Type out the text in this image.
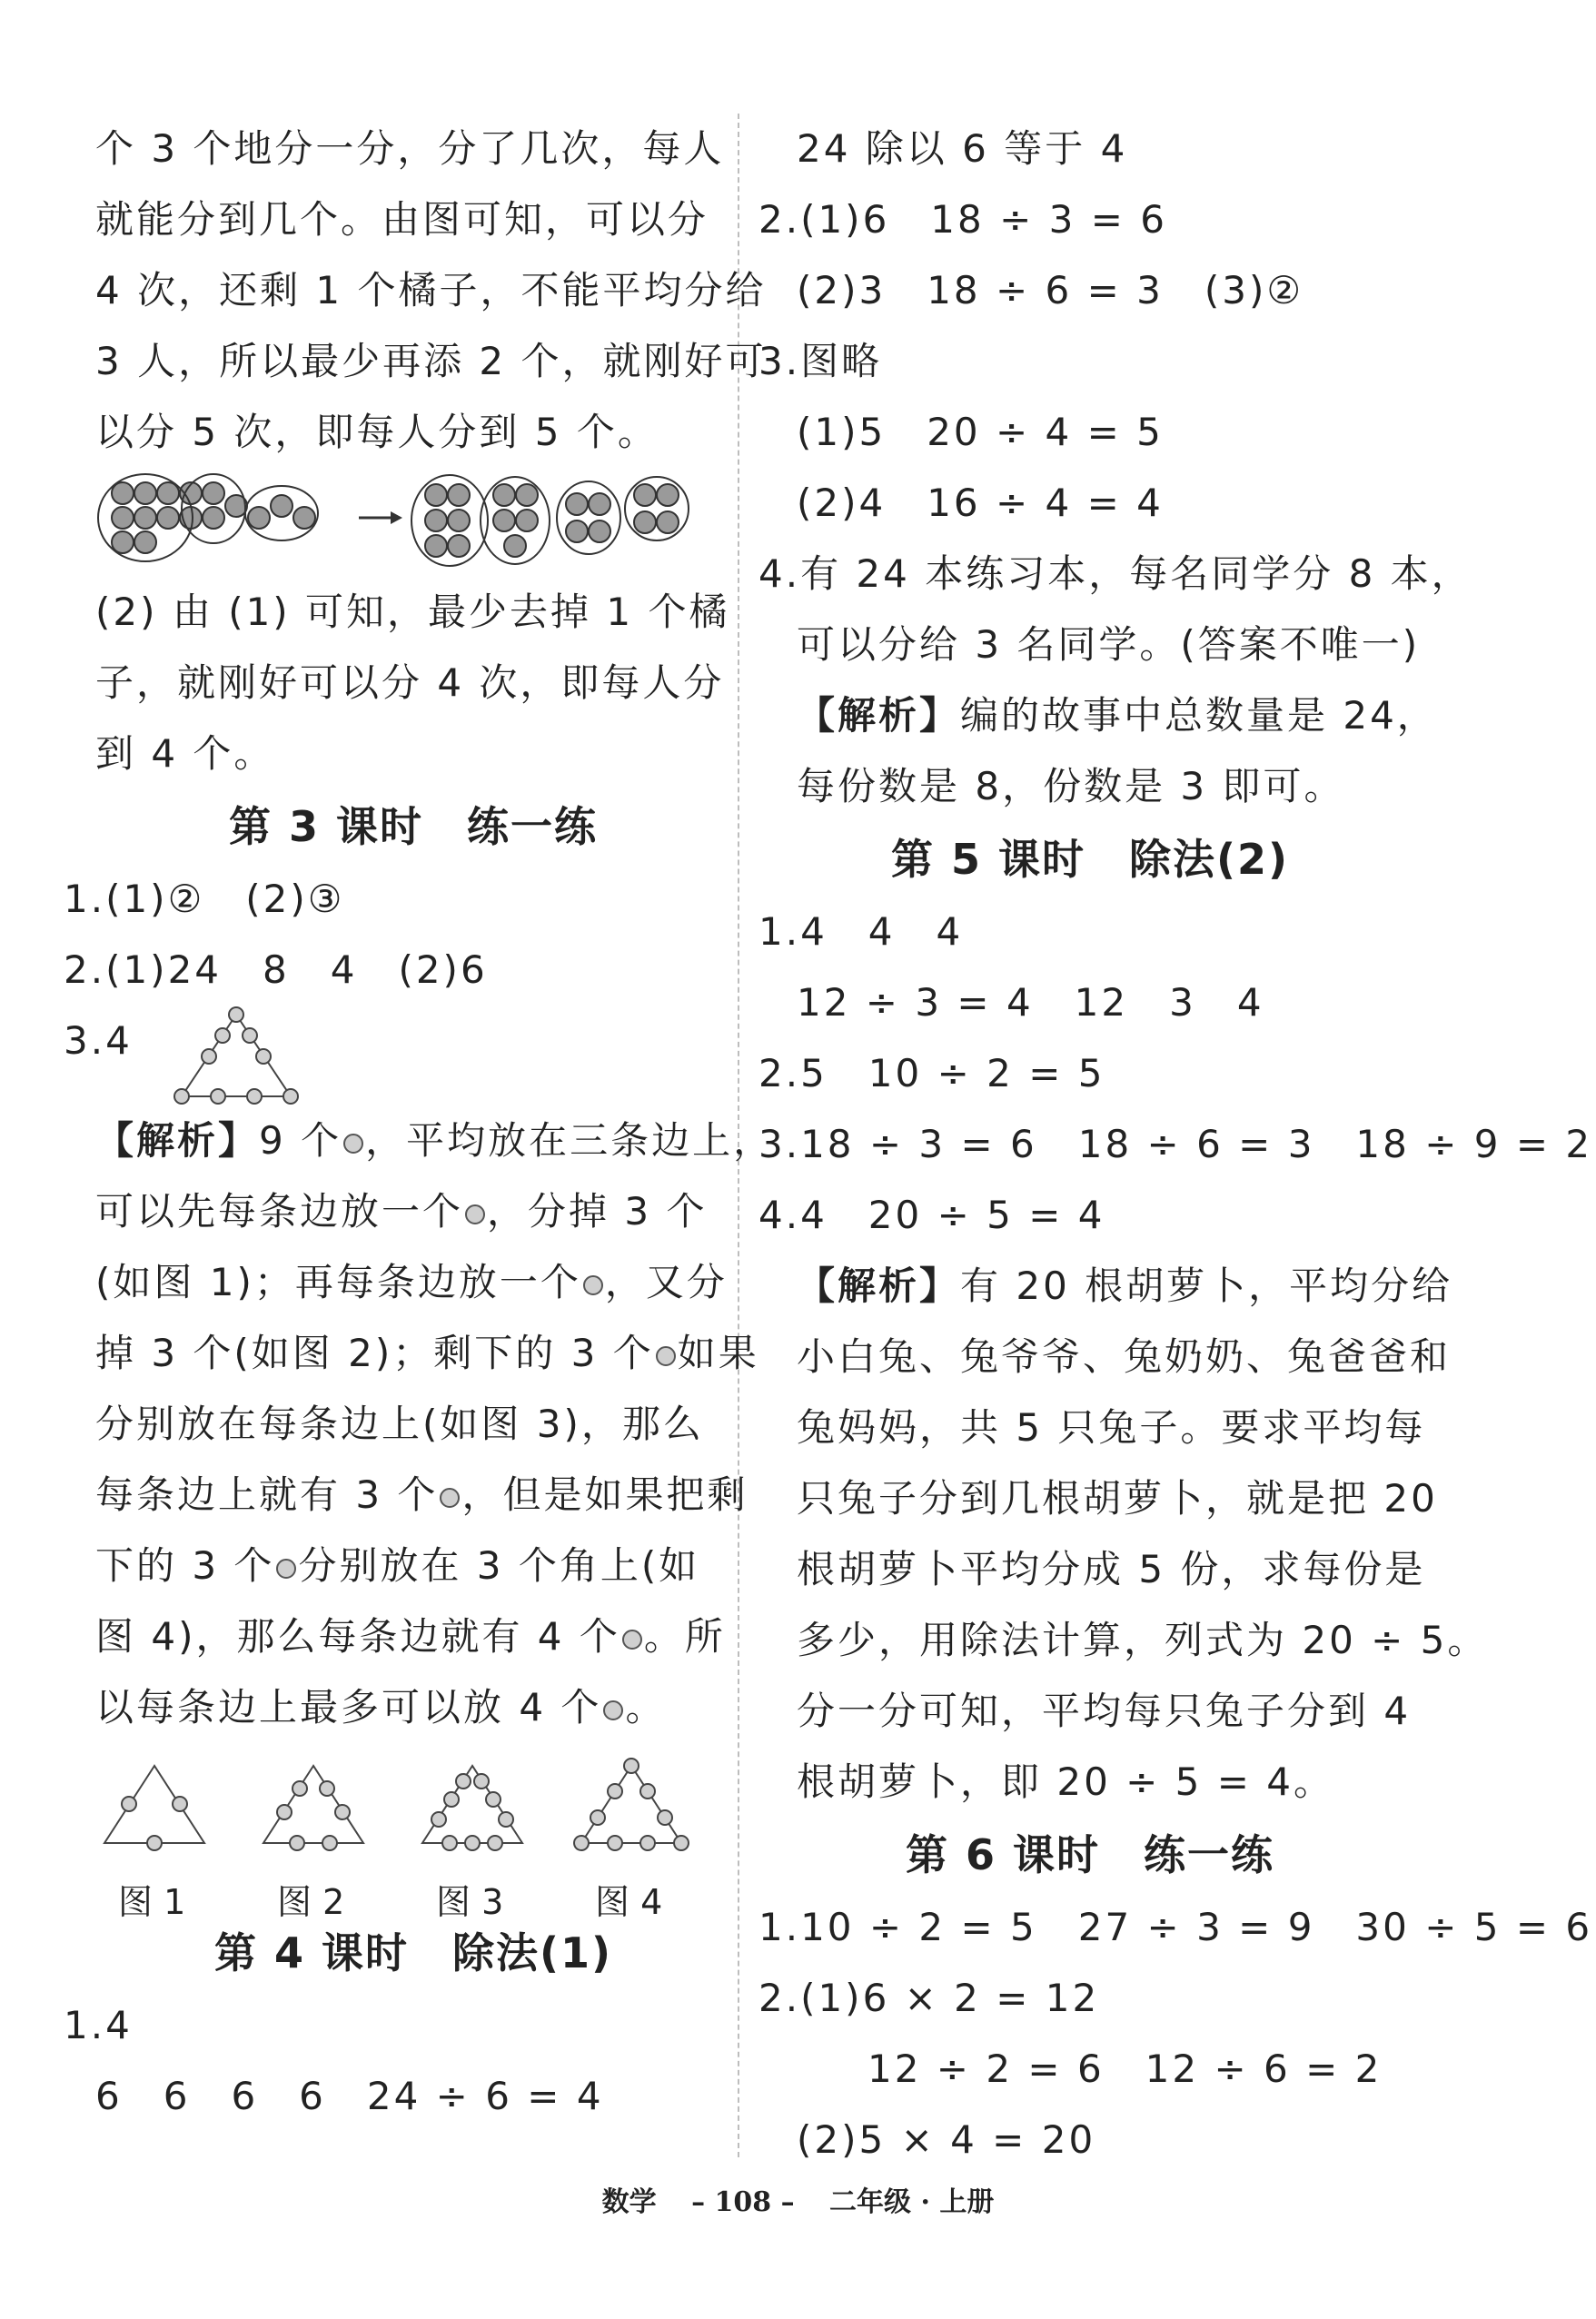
个 3 个地分一分，分了几次，每人
就能分到几个。由图可知，可以分
4 次，还剩 1 个橘子，不能平均分给
3 人，所以最少再添 2 个，就刚好可
以分 5 次，即每人分到 5 个。
(2) 由 (1) 可知，最少去掉 1 个橘
子，就刚好可以分 4 次，即每人分
到 4 个。
第 3 课时　练一练
1.(1)②　(2)③
2.(1)24　8　4　(2)6
3.4
【解析】9 个 ，平均放在三条边上，
可以先每条边放一个 ，分掉 3 个
(如图 1)；再每条边放一个 ，又分
掉 3 个(如图 2)；剩下的 3 个 如果
分别放在每条边上(如图 3)，那么
每条边上就有 3 个 ，但是如果把剩
下的 3 个 分别放在 3 个角上(如
图 4)，那么每条边就有 4 个 。所
以每条边上最多可以放 4 个 。
图 1	图 2	图 3	图 4
第 4 课时　除法(1)
1.4
6　6　6　6　24 ÷ 6 = 4
24 除以 6 等于 4
2.(1)6　18 ÷ 3 = 6
(2)3　18 ÷ 6 = 3　(3)②
3.图略
(1)5　20 ÷ 4 = 5
(2)4　16 ÷ 4 = 4
4.有 24 本练习本，每名同学分 8 本，
可以分给 3 名同学。(答案不唯一)
【解析】编的故事中总数量是 24，
每份数是 8，份数是 3 即可。
第 5 课时　除法(2)
1.4　4　4
12 ÷ 3 = 4　12　3　4
2.5　10 ÷ 2 = 5
3.18 ÷ 3 = 6　18 ÷ 6 = 3　18 ÷ 9 = 2
4.4　20 ÷ 5 = 4
【解析】有 20 根胡萝卜，平均分给
小白兔、兔爷爷、兔奶奶、兔爸爸和
兔妈妈，共 5 只兔子。要求平均每
只兔子分到几根胡萝卜，就是把 20
根胡萝卜平均分成 5 份，求每份是
多少，用除法计算，列式为 20 ÷ 5。
分一分可知，平均每只兔子分到 4
根胡萝卜，即 20 ÷ 5 = 4。
第 6 课时　练一练
1.10 ÷ 2 = 5　27 ÷ 3 = 9　30 ÷ 5 = 6
2.(1)6 × 2 = 12
12 ÷ 2 = 6　12 ÷ 6 = 2
(2)5 × 4 = 20
数学 – 108 – 二年级 · 上册
